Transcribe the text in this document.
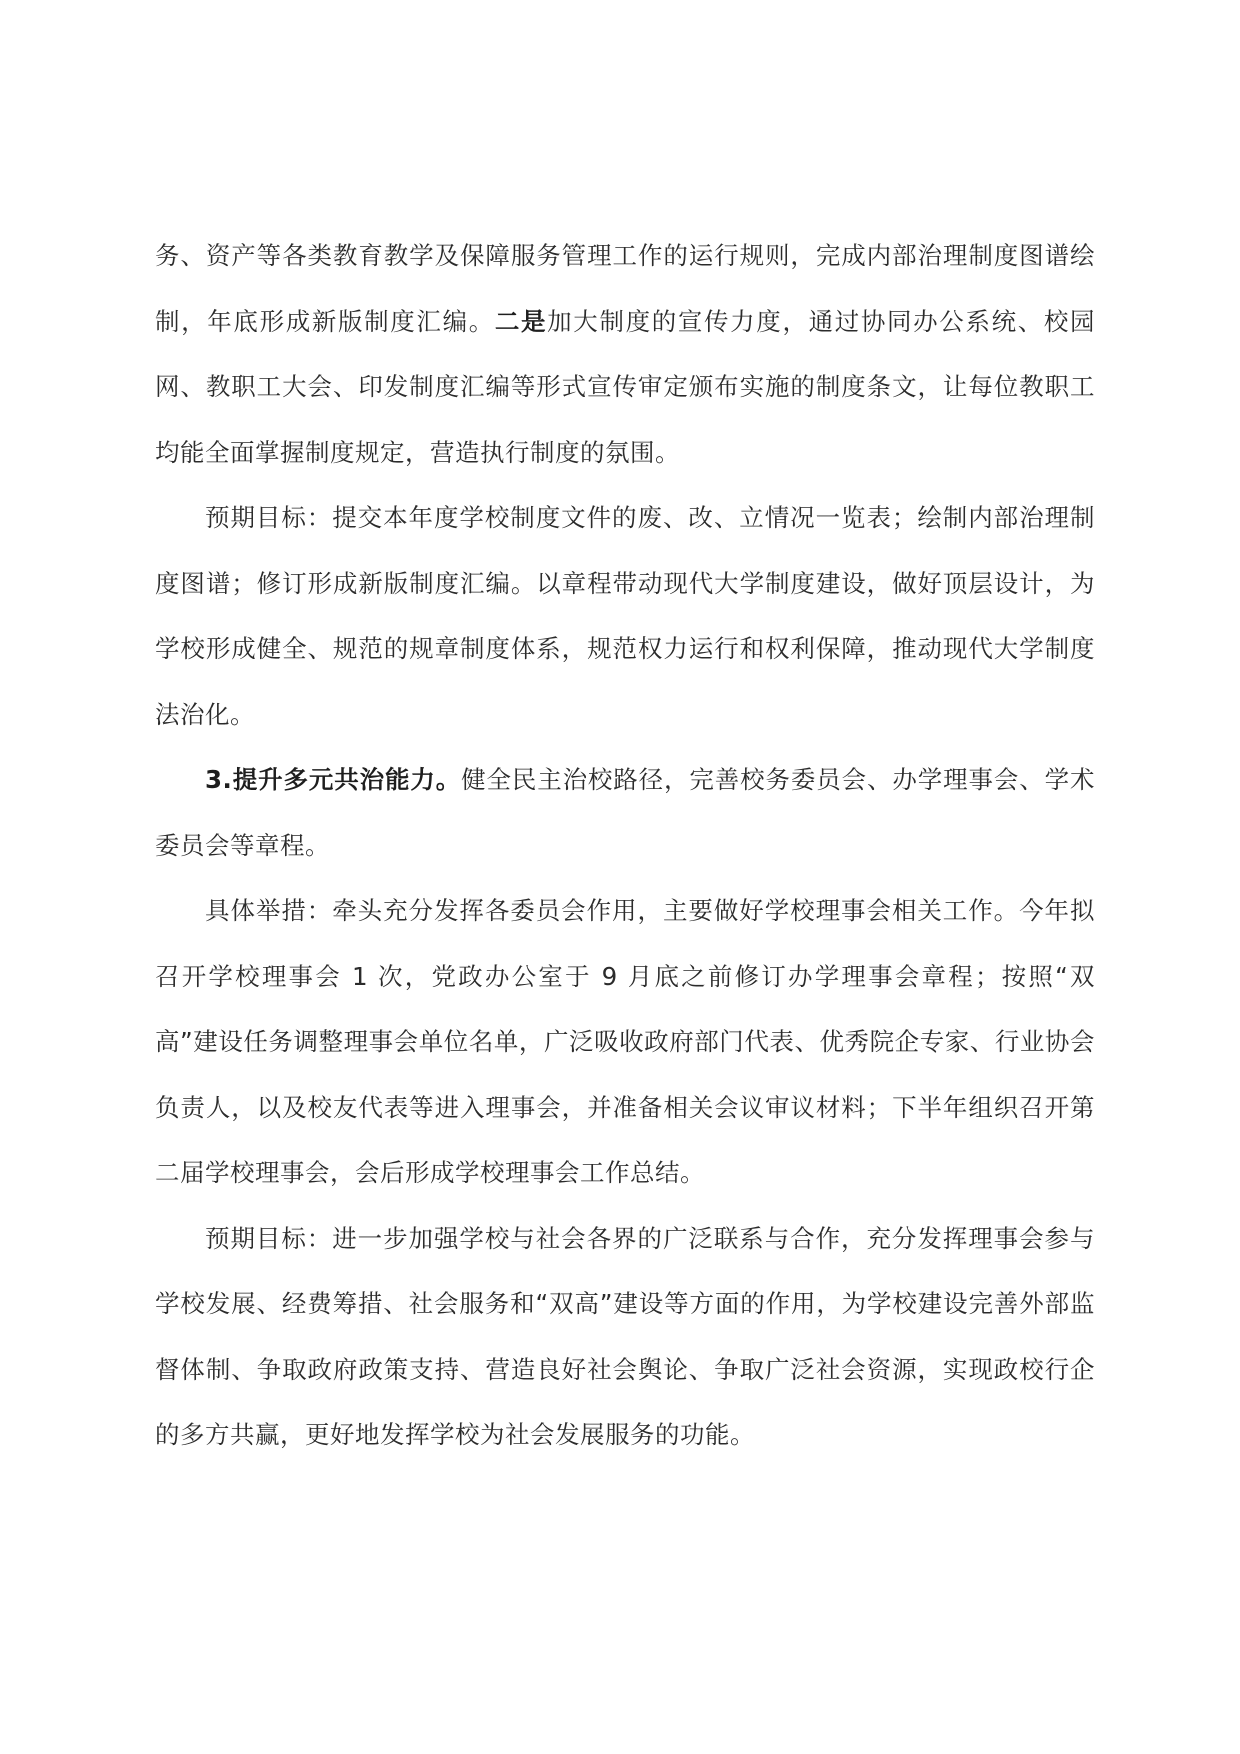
务、资产等各类教育教学及保障服务管理工作的运行规则，完成内部治理制度图谱绘制，年底形成新版制度汇编。二是加大制度的宣传力度，通过协同办公系统、校园网、教职工大会、印发制度汇编等形式宣传审定颁布实施的制度条文，让每位教职工均能全面掌握制度规定，营造执行制度的氛围。

预期目标：提交本年度学校制度文件的废、改、立情况一览表；绘制内部治理制度图谱；修订形成新版制度汇编。以章程带动现代大学制度建设，做好顶层设计，为学校形成健全、规范的规章制度体系，规范权力运行和权利保障，推动现代大学制度法治化。

3.提升多元共治能力。健全民主治校路径，完善校务委员会、办学理事会、学术委员会等章程。

具体举措：牵头充分发挥各委员会作用，主要做好学校理事会相关工作。今年拟召开学校理事会 1 次，党政办公室于 9 月底之前修订办学理事会章程；按照“双高”建设任务调整理事会单位名单，广泛吸收政府部门代表、优秀院企专家、行业协会负责人，以及校友代表等进入理事会，并准备相关会议审议材料；下半年组织召开第二届学校理事会，会后形成学校理事会工作总结。

预期目标：进一步加强学校与社会各界的广泛联系与合作，充分发挥理事会参与学校发展、经费筹措、社会服务和“双高”建设等方面的作用，为学校建设完善外部监督体制、争取政府政策支持、营造良好社会舆论、争取广泛社会资源，实现政校行企的多方共赢，更好地发挥学校为社会发展服务的功能。
